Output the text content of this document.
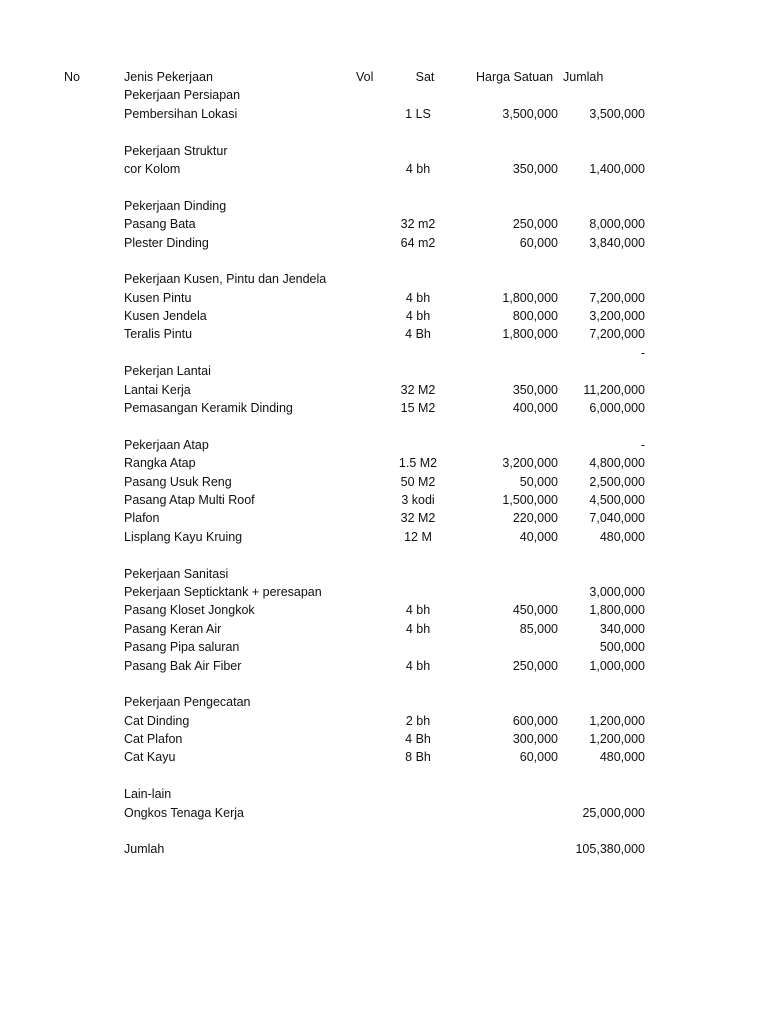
No	Jenis Pekerjaan	Vol	Sat	Harga Satuan Jumlah
Pekerjaan Persiapan
Pembersihan Lokasi	1 LS	3,500,000	3,500,000
Pekerjaan Struktur
cor Kolom	4 bh	350,000	1,400,000
Pekerjaan Dinding
Pasang Bata	32 m2	250,000	8,000,000
Plester Dinding	64 m2	60,000	3,840,000
Pekerjaan Kusen, Pintu dan Jendela
Kusen Pintu	4 bh	1,800,000	7,200,000
Kusen Jendela	4 bh	800,000	3,200,000
Teralis Pintu	4 Bh	1,800,000	7,200,000
-
Pekerjan Lantai
Lantai Kerja	32 M2	350,000 11,200,000
Pemasangan Keramik Dinding	15 M2	400,000	6,000,000
Pekerjaan Atap	-
Rangka Atap	1.5 M2	3,200,000	4,800,000
Pasang Usuk Reng	50 M2	50,000	2,500,000
Pasang Atap Multi Roof	3 kodi	1,500,000	4,500,000
Plafon	32 M2	220,000	7,040,000
Lisplang Kayu Kruing	12 M	40,000	480,000
Pekerjaan Sanitasi
Pekerjaan Septicktank + peresapan	3,000,000
Pasang Kloset Jongkok	4 bh	450,000	1,800,000
Pasang Keran Air	4 bh	85,000	340,000
Pasang Pipa saluran	500,000
Pasang Bak Air Fiber	4 bh	250,000	1,000,000
Pekerjaan Pengecatan
Cat Dinding	2 bh	600,000	1,200,000
Cat Plafon	4 Bh	300,000	1,200,000
Cat Kayu	8 Bh	60,000	480,000
Lain-lain
Ongkos Tenaga Kerja	25,000,000
Jumlah	105,380,000
